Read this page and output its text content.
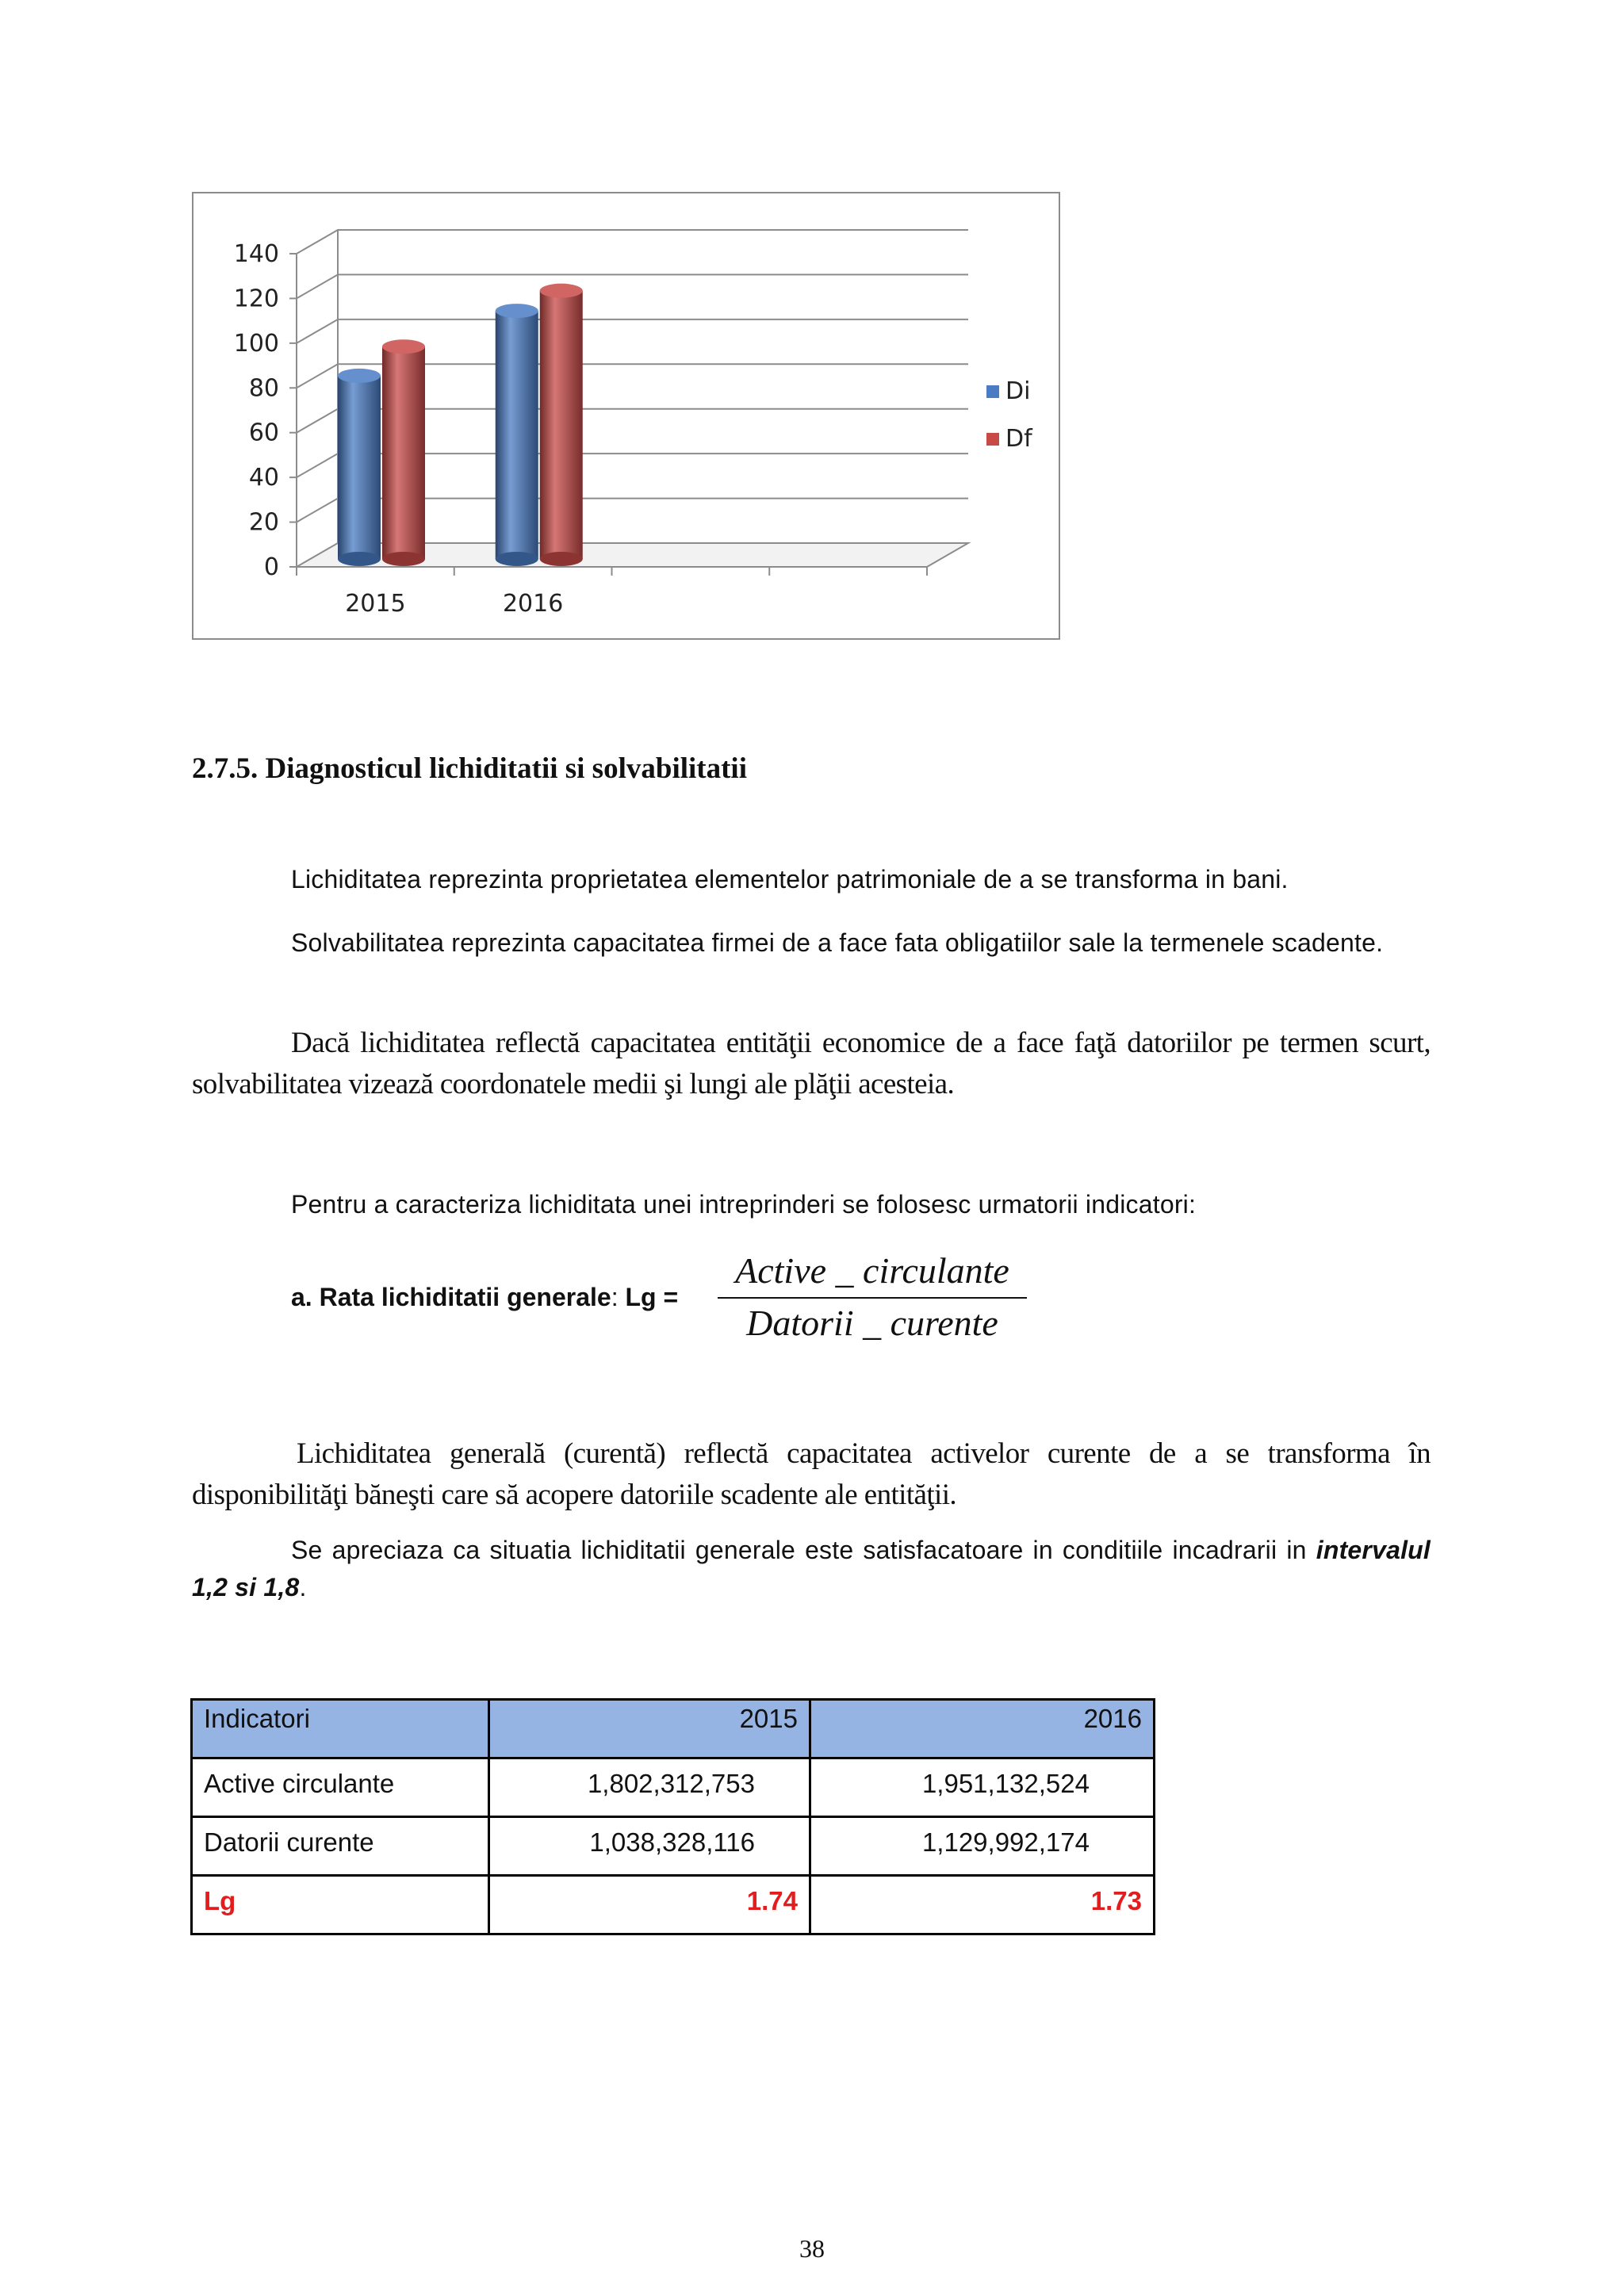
0
20
40
60
80
100
120
140
2015	2016
Di
Df
2.7.5. Diagnosticul lichiditatii si solvabilitatii

Lichiditatea reprezinta proprietatea elementelor patrimoniale de a se transforma in bani.

Solvabilitatea reprezinta capacitatea firmei de a face fata obligatiilor sale la termenele scadente.

Dacă lichiditatea reflectă capacitatea entităţii economice de a face faţă datoriilor pe termen scurt, solvabilitatea vizează coordonatele medii şi lungi ale plăţii acesteia.

Pentru a caracteriza lichiditata unei intreprinderi se folosesc urmatorii indicatori:

a. Rata lichiditatii generale: Lg =
Active _ circulante
Datorii _ curente

Lichiditatea generală (curentă) reflectă capacitatea activelor curente de a se transforma în disponibilităţi băneşti care să acopere datoriile scadente ale entităţii.

Se apreciaza ca situatia lichiditatii generale este satisfacatoare in conditiile incadrarii in intervalul 1,2 si 1,8.

Indicatori	2015	2016
Active circulante	1,802,312,753	1,951,132,524
Datorii curente	1,038,328,116	1,129,992,174
Lg	1.74	1.73
38
